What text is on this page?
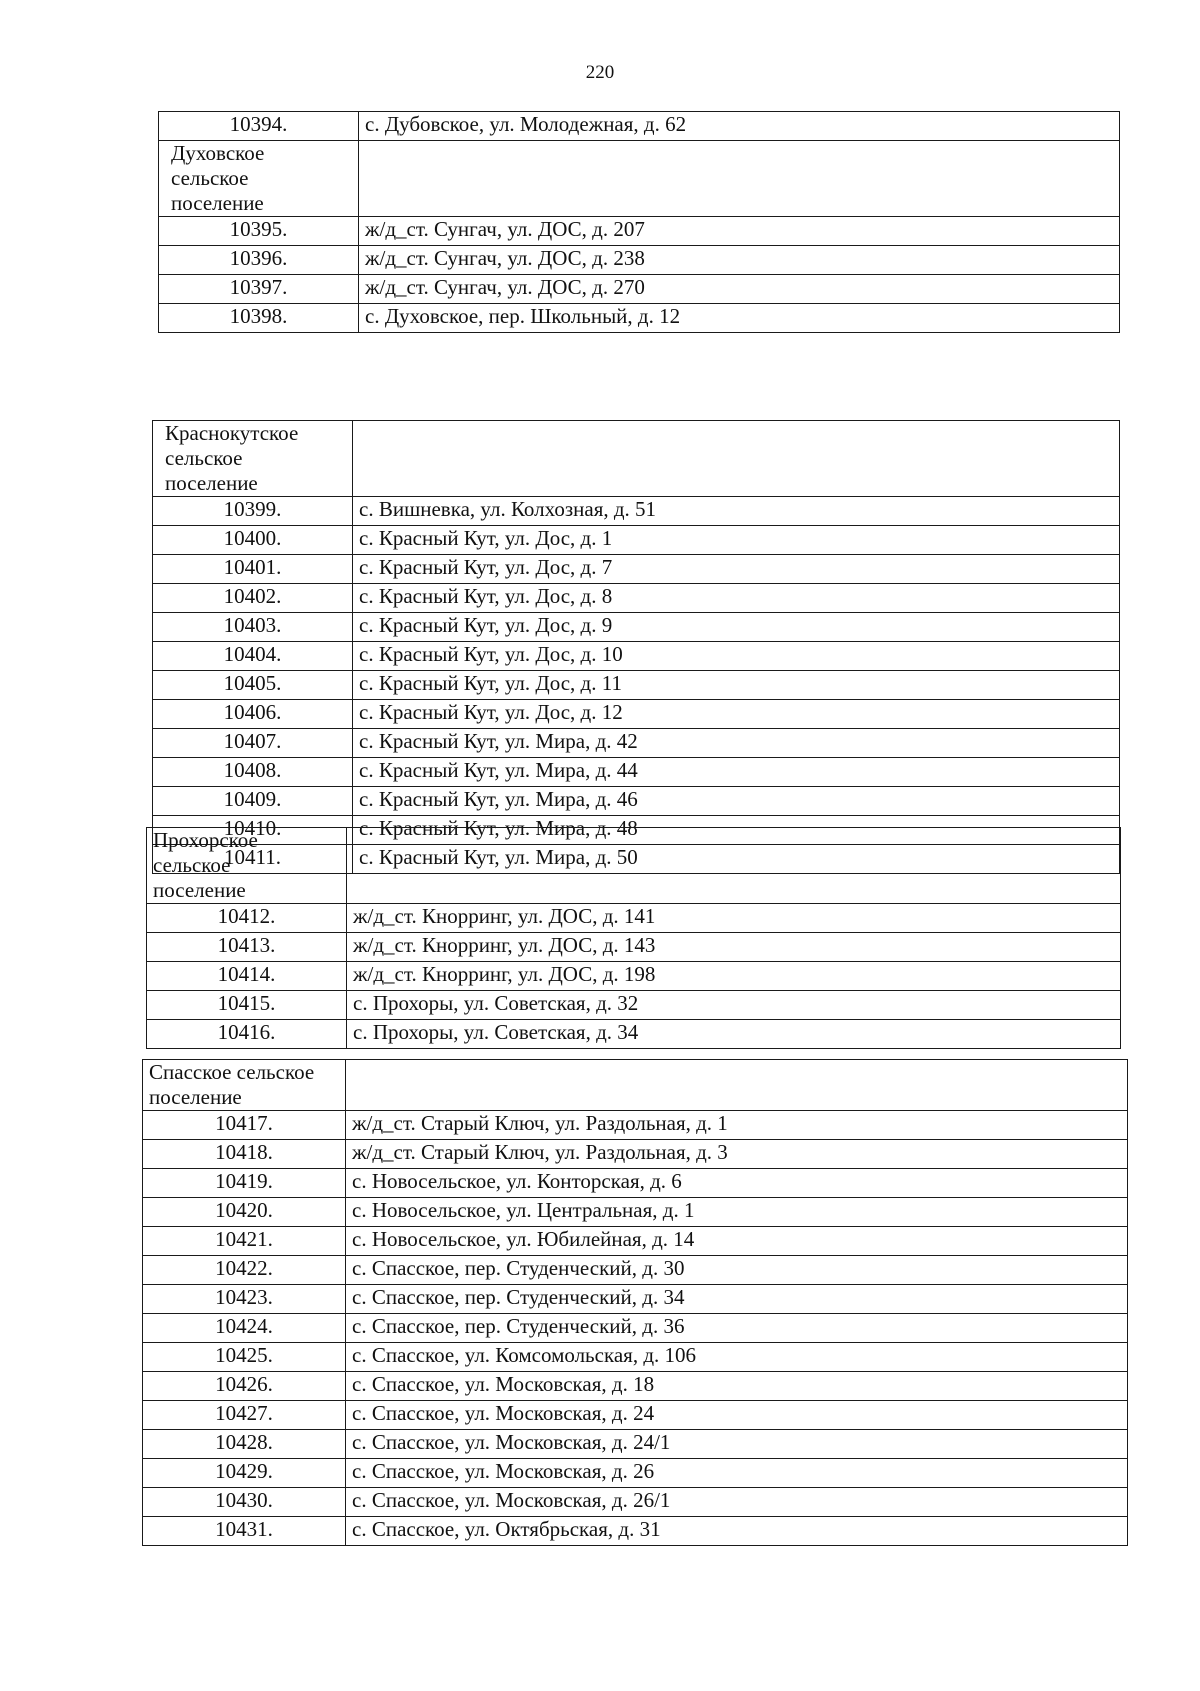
220
10394.	с. Дубовское, ул. Молодежная, д. 62

Духовское сельское поселение	

10395.	ж/д_ст. Сунгач, ул. ДОС, д. 207
10396.	ж/д_ст. Сунгач, ул. ДОС, д. 238
10397.	ж/д_ст. Сунгач, ул. ДОС, д. 270
10398.	с. Духовское, пер. Школьный, д. 12
Краснокутское сельское поселение	

10399.	с. Вишневка, ул. Колхозная, д. 51
10400.	с. Красный Кут, ул. Дос, д. 1
10401.	с. Красный Кут, ул. Дос, д. 7
10402.	с. Красный Кут, ул. Дос, д. 8
10403.	с. Красный Кут, ул. Дос, д. 9
10404.	с. Красный Кут, ул. Дос, д. 10
10405.	с. Красный Кут, ул. Дос, д. 11
10406.	с. Красный Кут, ул. Дос, д. 12
10407.	с. Красный Кут, ул. Мира, д. 42
10408.	с. Красный Кут, ул. Мира, д. 44
10409.	с. Красный Кут, ул. Мира, д. 46
10410.	с. Красный Кут, ул. Мира, д. 48
10411.	с. Красный Кут, ул. Мира, д. 50
Прохорское сельское поселение	

10412.	ж/д_ст. Кнорринг, ул. ДОС, д. 141
10413.	ж/д_ст. Кнорринг, ул. ДОС, д. 143
10414.	ж/д_ст. Кнорринг, ул. ДОС, д. 198
10415.	с. Прохоры, ул. Советская, д. 32
10416.	с. Прохоры, ул. Советская, д. 34
Спасское сельское поселение	

10417.	ж/д_ст. Старый Ключ, ул. Раздольная, д. 1
10418.	ж/д_ст. Старый Ключ, ул. Раздольная, д. 3
10419.	с. Новосельское, ул. Конторская, д. 6
10420.	с. Новосельское, ул. Центральная, д. 1
10421.	с. Новосельское, ул. Юбилейная, д. 14
10422.	с. Спасское, пер. Студенческий, д. 30
10423.	с. Спасское, пер. Студенческий, д. 34
10424.	с. Спасское, пер. Студенческий, д. 36
10425.	с. Спасское, ул. Комсомольская, д. 106
10426.	с. Спасское, ул. Московская, д. 18
10427.	с. Спасское, ул. Московская, д. 24
10428.	с. Спасское, ул. Московская, д. 24/1
10429.	с. Спасское, ул. Московская, д. 26
10430.	с. Спасское, ул. Московская, д. 26/1
10431.	с. Спасское, ул. Октябрьская, д. 31
